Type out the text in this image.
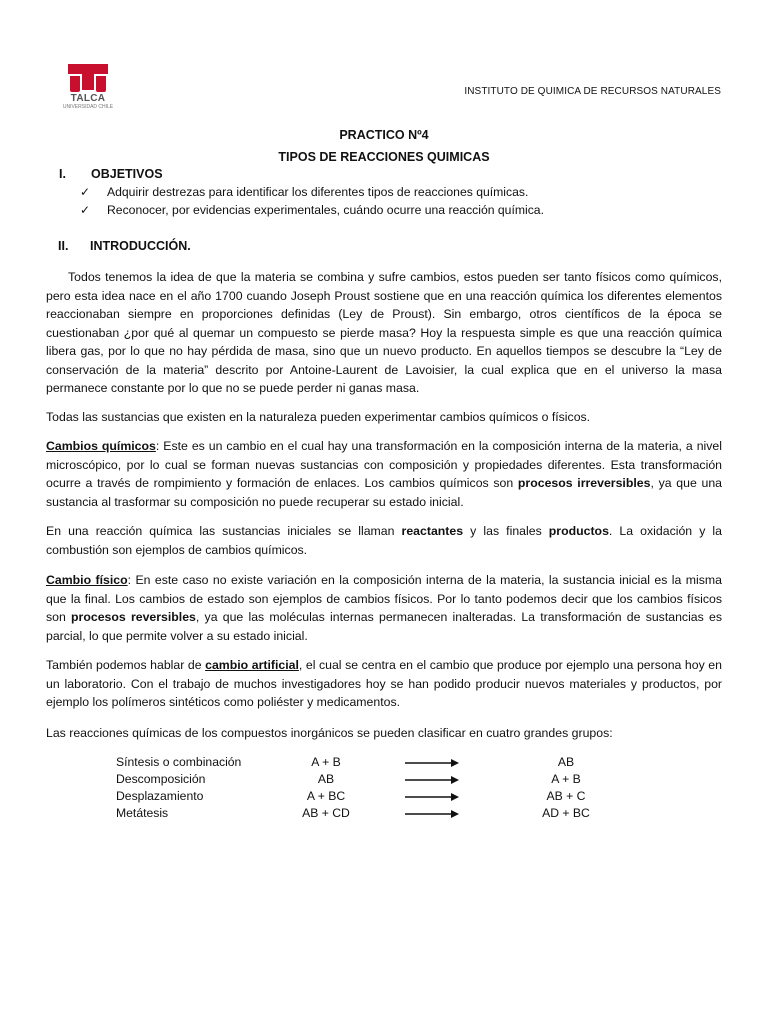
TALCA
UNIVERSIDAD CHILE
INSTITUTO DE QUIMICA DE RECURSOS NATURALES
PRACTICO Nº4
TIPOS DE REACCIONES QUIMICAS
I. OBJETIVOS
✓ Adquirir destrezas para identificar los diferentes tipos de reacciones químicas.
✓ Reconocer, por evidencias experimentales, cuándo ocurre una reacción química.
II. INTRODUCCIÓN.

Todos tenemos la idea de que la materia se combina y sufre cambios, estos pueden ser tanto físicos como químicos, pero esta idea nace en el año 1700 cuando Joseph Proust sostiene que en una reacción química los diferentes elementos reaccionaban siempre en proporciones definidas (Ley de Proust). Sin embargo, otros científicos de la época se cuestionaban ¿por qué al quemar un compuesto se pierde masa? Hoy la respuesta simple es que una reacción química libera gas, por lo que no hay pérdida de masa, sino que un nuevo producto. En aquellos tiempos se descubre la “Ley de conservación de la materia” descrito por Antoine-Laurent de Lavoisier, la cual explica que en el universo la masa permanece constante por lo que no se puede perder ni ganas masa.

Todas las sustancias que existen en la naturaleza pueden experimentar cambios químicos o físicos.

Cambios químicos: Este es un cambio en el cual hay una transformación en la composición interna de la materia, a nivel microscópico, por lo cual se forman nuevas sustancias con composición y propiedades diferentes. Esta transformación ocurre a través de rompimiento y formación de enlaces. Los cambios químicos son procesos irreversibles, ya que una sustancia al trasformar su composición no puede recuperar su estado inicial.

En una reacción química las sustancias iniciales se llaman reactantes y las finales productos. La oxidación y la combustión son ejemplos de cambios químicos.

Cambio físico: En este caso no existe variación en la composición interna de la materia, la sustancia inicial es la misma que la final. Los cambios de estado son ejemplos de cambios físicos. Por lo tanto podemos decir que los cambios físicos son procesos reversibles, ya que las moléculas internas permanecen inalteradas. La transformación de sustancias es parcial, lo que permite volver a su estado inicial.

También podemos hablar de cambio artificial, el cual se centra en el cambio que produce por ejemplo una persona hoy en un laboratorio. Con el trabajo de muchos investigadores hoy se han podido producir nuevos materiales y productos, por ejemplo los polímeros sintéticos como poliéster y medicamentos.

Las reacciones químicas de los compuestos inorgánicos se pueden clasificar en cuatro grandes grupos:

Síntesis o combinación	A + B	AB
Descomposición	AB	A + B
Desplazamiento	A + BC	AB + C
Metátesis	AB + CD	AD + BC
